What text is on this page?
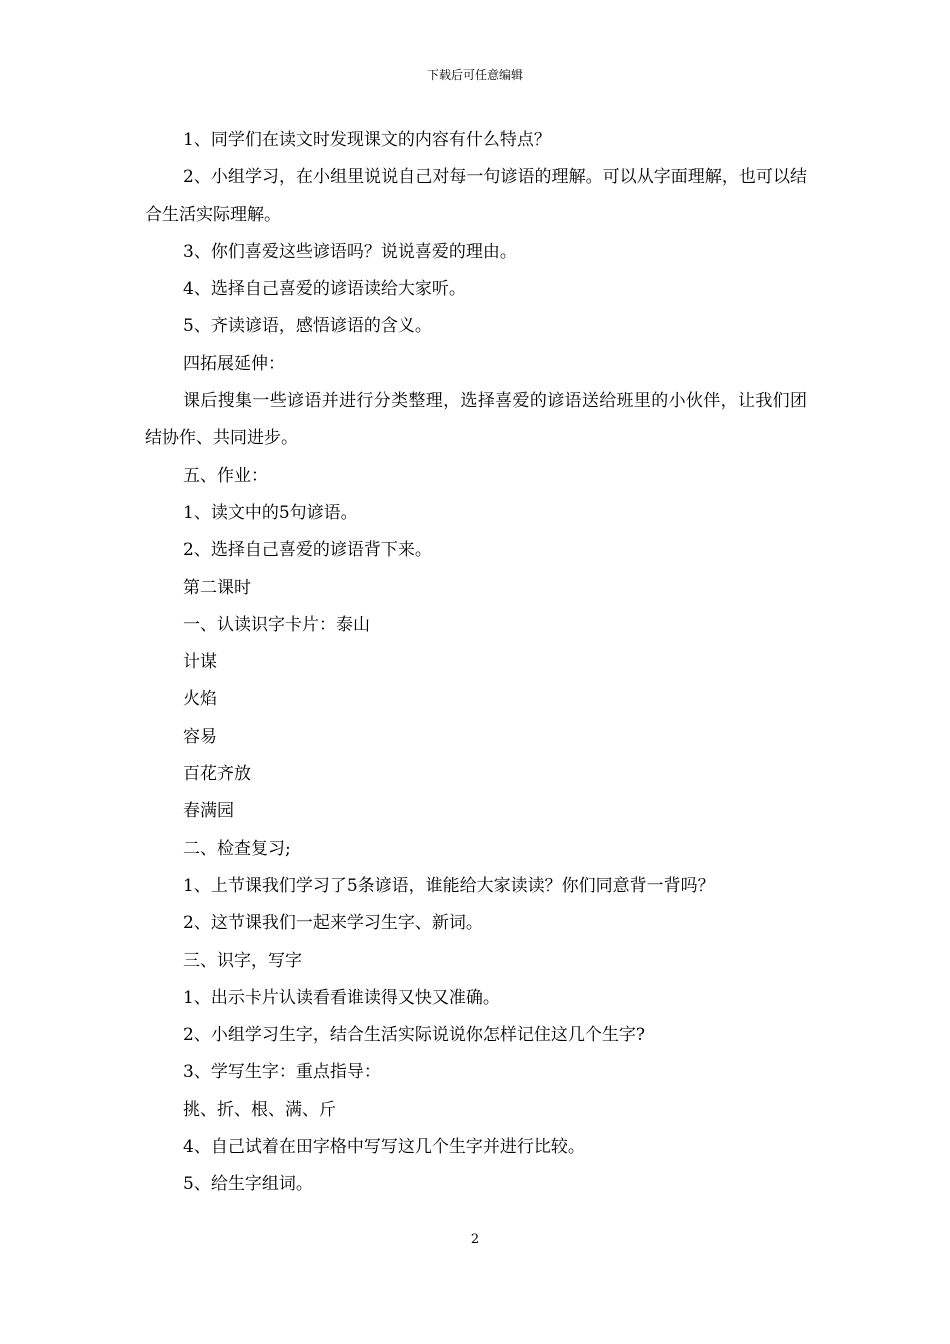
下载后可任意编辑

1、同学们在读文时发现课文的内容有什么特点？

2、小组学习，在小组里说说自己对每一句谚语的理解。可以从字面理解，也可以结合生活实际理解。

3、你们喜爱这些谚语吗？说说喜爱的理由。

4、选择自己喜爱的谚语读给大家听。

5、齐读谚语，感悟谚语的含义。

四拓展延伸：

课后搜集一些谚语并进行分类整理，选择喜爱的谚语送给班里的小伙伴，让我们团结协作、共同进步。

五、作业：

1、读文中的5句谚语。

2、选择自己喜爱的谚语背下来。

第二课时

一、认读识字卡片：泰山

计谋

火焰

容易

百花齐放

春满园

二、检查复习;

1、上节课我们学习了5条谚语，谁能给大家读读？你们同意背一背吗？

2、这节课我们一起来学习生字、新词。

三、识字，写字

1、出示卡片认读看看谁读得又快又准确。

2、小组学习生字，结合生活实际说说你怎样记住这几个生字?

3、学写生字：重点指导：

挑、折、根、满、斤

4、自己试着在田字格中写写这几个生字并进行比较。

5、给生字组词。

2
